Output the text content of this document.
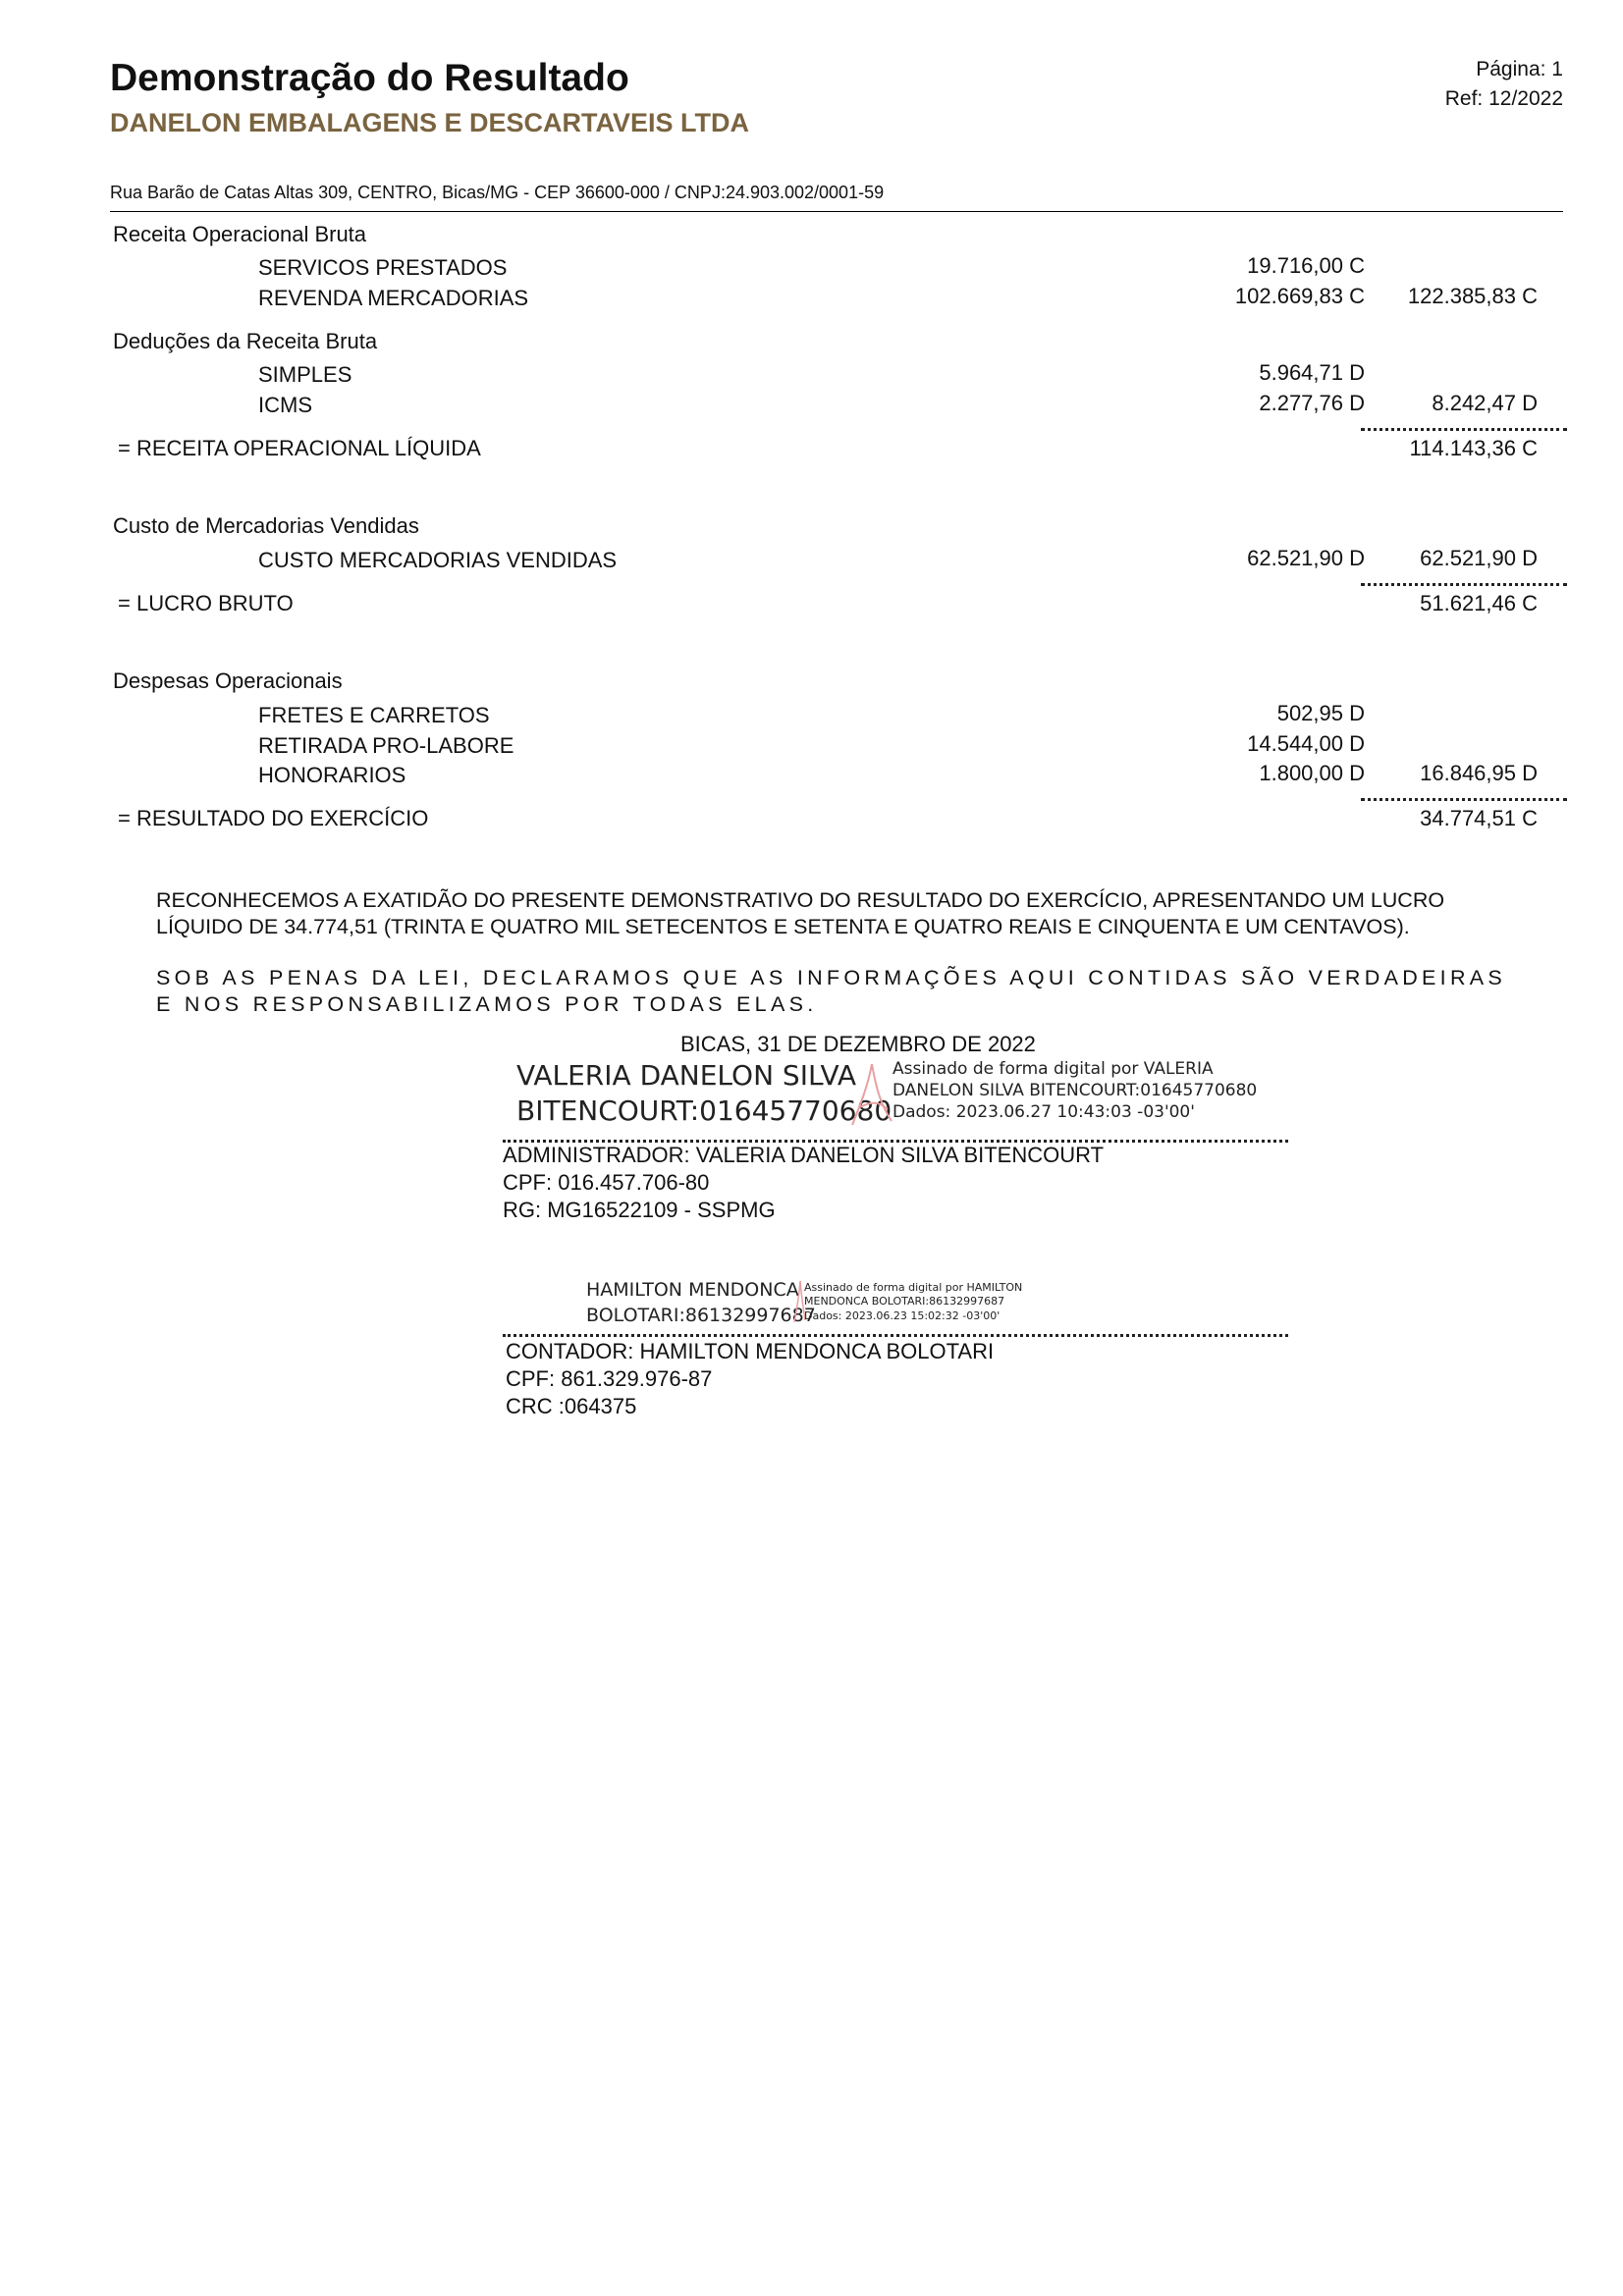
Demonstração do Resultado
DANELON EMBALAGENS E DESCARTAVEIS LTDA
Página: 1
Ref: 12/2022
Rua Barão de Catas Altas 309, CENTRO, Bicas/MG - CEP 36600-000 / CNPJ:24.903.002/0001-59
Receita Operacional Bruta
SERVICOS PRESTADOS	19.716,00 C
REVENDA MERCADORIAS	102.669,83 C 122.385,83 C
Deduções da Receita Bruta
SIMPLES	5.964,71 D
ICMS	2.277,76 D	8.242,47 D
= RECEITA OPERACIONAL LÍQUIDA	114.143,36 C
Custo de Mercadorias Vendidas
CUSTO MERCADORIAS VENDIDAS	62.521,90 D	62.521,90 D
= LUCRO BRUTO	51.621,46 C
Despesas Operacionais
FRETES E CARRETOS	502,95 D
RETIRADA PRO-LABORE	14.544,00 D
HONORARIOS	1.800,00 D	16.846,95 D
= RESULTADO DO EXERCÍCIO	34.774,51 C
RECONHECEMOS A EXATIDÃO DO PRESENTE DEMONSTRATIVO DO RESULTADO DO EXERCÍCIO, APRESENTANDO UM LUCRO LÍQUIDO DE 34.774,51 (TRINTA E QUATRO MIL SETECENTOS E SETENTA E QUATRO REAIS E CINQUENTA E UM CENTAVOS).
SOB AS PENAS DA LEI, DECLARAMOS QUE AS INFORMAÇÕES AQUI CONTIDAS SÃO VERDADEIRAS E NOS RESPONSABILIZAMOS POR TODAS ELAS.
BICAS, 31 DE DEZEMBRO DE 2022
VALERIA DANELON SILVA
BITENCOURT:01645770680
Assinado de forma digital por VALERIA
DANELON SILVA BITENCOURT:01645770680
Dados: 2023.06.27 10:43:03 -03'00'
ADMINISTRADOR: VALERIA DANELON SILVA BITENCOURT
CPF: 016.457.706-80
RG: MG16522109 - SSPMG
HAMILTON MENDONCA
BOLOTARI:86132997687
Assinado de forma digital por HAMILTON
MENDONCA BOLOTARI:86132997687
Dados: 2023.06.23 15:02:32 -03'00'
CONTADOR: HAMILTON MENDONCA BOLOTARI
CPF: 861.329.976-87
CRC :064375
